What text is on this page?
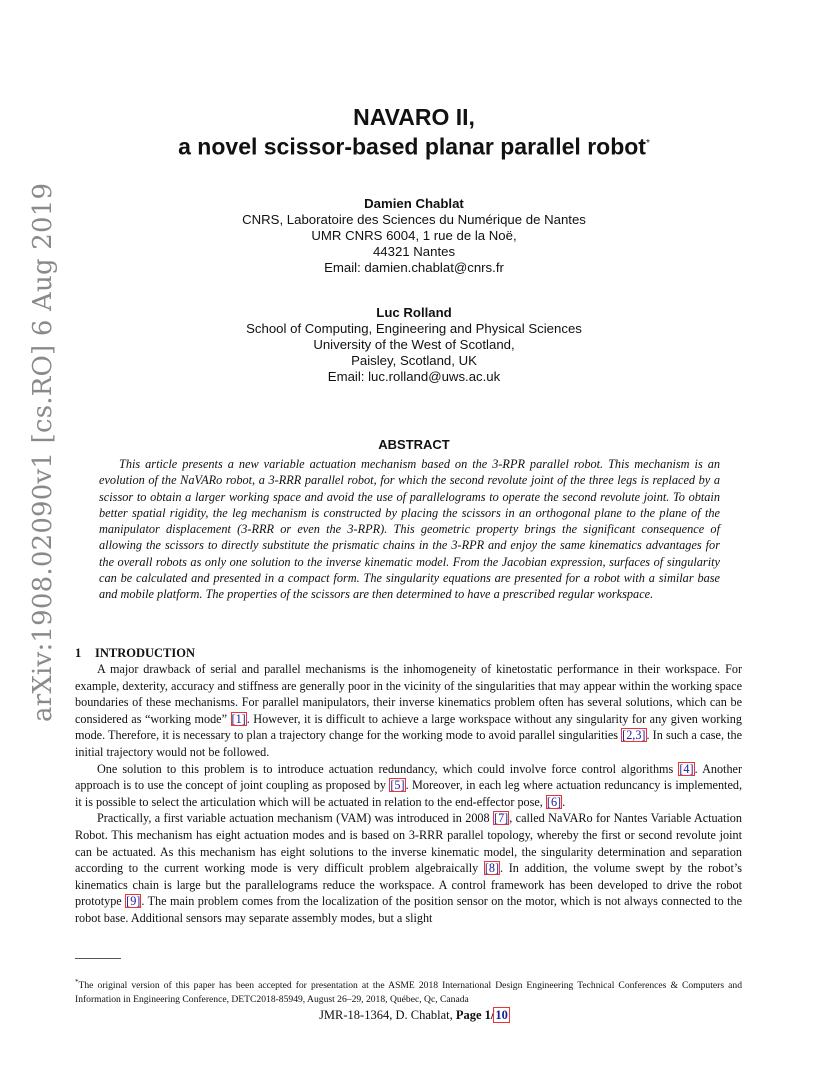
arXiv:1908.02090v1 [cs.RO] 6 Aug 2019
NAVARO II,
a novel scissor-based planar parallel robot*
Damien Chablat
CNRS, Laboratoire des Sciences du Numérique de Nantes
UMR CNRS 6004, 1 rue de la Noë,
44321 Nantes
Email: damien.chablat@cnrs.fr
Luc Rolland
School of Computing, Engineering and Physical Sciences
University of the West of Scotland,
Paisley, Scotland, UK
Email: luc.rolland@uws.ac.uk
ABSTRACT
This article presents a new variable actuation mechanism based on the 3-RPR parallel robot. This mechanism is an evolution of the NaVARo robot, a 3-RRR parallel robot, for which the second revolute joint of the three legs is replaced by a scissor to obtain a larger working space and avoid the use of parallelograms to operate the second revolute joint. To obtain better spatial rigidity, the leg mechanism is constructed by placing the scissors in an orthogonal plane to the plane of the manipulator displacement (3-RRR or even the 3-RPR). This geometric property brings the significant consequence of allowing the scissors to directly substitute the prismatic chains in the 3-RPR and enjoy the same kinematics advantages for the overall robots as only one solution to the inverse kinematic model. From the Jacobian expression, surfaces of singularity can be calculated and presented in a compact form. The singularity equations are presented for a robot with a similar base and mobile platform. The properties of the scissors are then determined to have a prescribed regular workspace.
1 INTRODUCTION

A major drawback of serial and parallel mechanisms is the inhomogeneity of kinetostatic performance in their workspace. For example, dexterity, accuracy and stiffness are generally poor in the vicinity of the singularities that may appear within the working space boundaries of these mechanisms. For parallel manipulators, their inverse kinematics problem often has several solutions, which can be considered as “working mode” [1]. However, it is difficult to achieve a large workspace without any singularity for any given working mode. Therefore, it is necessary to plan a trajectory change for the working mode to avoid parallel singularities [2,3]. In such a case, the initial trajectory would not be followed.

One solution to this problem is to introduce actuation redundancy, which could involve force control algorithms [4]. Another approach is to use the concept of joint coupling as proposed by [5]. Moreover, in each leg where actuation reduncancy is implemented, it is possible to select the articulation which will be actuated in relation to the end-effector pose, [6].

Practically, a first variable actuation mechanism (VAM) was introduced in 2008 [7], called NaVARo for Nantes Variable Actuation Robot. This mechanism has eight actuation modes and is based on 3-RRR parallel topology, whereby the first or second revolute joint can be actuated. As this mechanism has eight solutions to the inverse kinematic model, the singularity determination and separation according to the current working mode is very difficult problem algebraically [8]. In addition, the volume swept by the robot’s kinematics chain is large but the parallelograms reduce the workspace. A control framework has been developed to drive the robot prototype [9]. The main problem comes from the localization of the position sensor on the motor, which is not always connected to the robot base. Additional sensors may separate assembly modes, but a slight

*The original version of this paper has been accepted for presentation at the ASME 2018 International Design Engineering Technical Conferences & Computers and Information in Engineering Conference, DETC2018-85949, August 26–29, 2018, Québec, Qc, Canada
JMR-18-1364, D. Chablat, Page 1/10
